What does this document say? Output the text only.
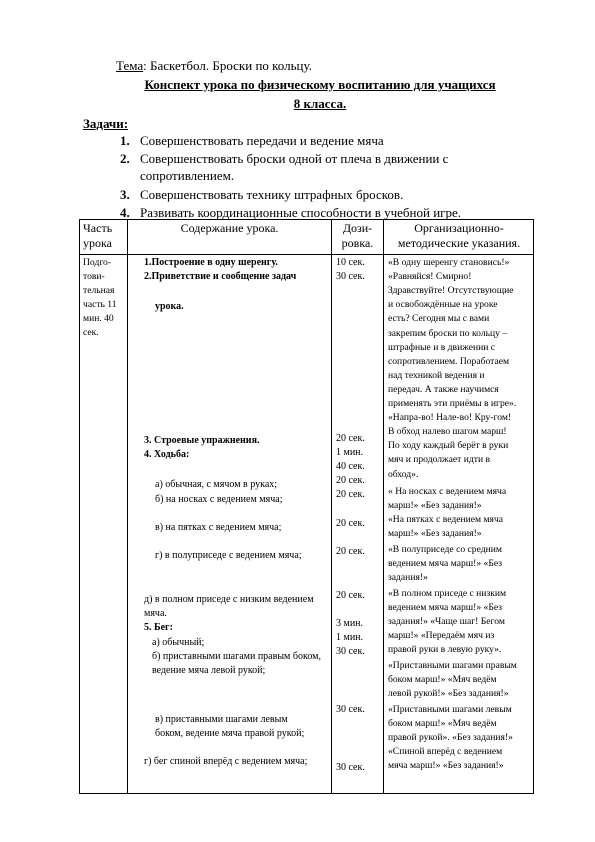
Тема: Баскетбол. Броски по кольцу.
Конспект урока по физическому воспитанию для учащихся
8 класса.
Задачи:
1. Совершенствовать передачи и ведение мяча
2. Совершенствовать броски одной от плеча в движении с сопротивлением.
3. Совершенствовать технику штрафных бросков.
4. Развивать координационные способности в учебной игре.
Часть урока
Содержание урока.	Дози-ровка.
Организационно-методические указания.
Подго-тови-тельная часть 11 мин. 40 сек.
1.Построение в одну шеренгу.
2.Приветствие и сообщение задач
урока.
3. Строевые упражнения.
4. Ходьба:
а) обычная, с мячом в руках;
б) на носках с ведением мяча;
в) на пятках с ведением мяча;
г) в полуприседе с ведением мяча;
д) в полном приседе с низким ведением мяча.
5. Бег:
а) обычный;
б) приставными шагами правым боком, ведение мяча левой рукой;
в) приставными шагами левым боком, ведение мяча правой рукой;
г) бег спиной вперёд с ведением мяча;
10 сек.
30 сек.
20 сек.
1 мин.
40 сек.
20 сек.
20 сек.
20 сек.
20 сек.
20 сек.
3 мин.
1 мин.
30 сек.
30 сек.
30 сек.
«В одну шеренгу становись!»
«Равняйся! Смирно!
Здравствуйте! Отсутствующие
и освобождённые на уроке
есть? Сегодня мы с вами
закрепим броски по кольцу –
штрафные и в движении с
сопротивлением. Поработаем
над техникой ведения и
передач. А также научимся
применять эти приёмы в игре».
«Напра-во! Нале-во! Кру-гом!
В обход налево шагом марш!
По ходу каждый берёт в руки
мяч и продолжает идти в
обход».
« На носках с ведением мяча
марш!» «Без задания!»
«На пятках с ведением мяча
марш!» «Без задания!»
«В полуприседе со средним
ведением мяча марш!» «Без
задания!»
«В полном приседе с низким
ведением мяча марш!» «Без
задания!» «Чаще шаг! Бегом
марш!» «Передаём мяч из
правой руки в левую руку».
«Приставными шагами правым
боком марш!» «Мяч ведём
левой рукой!» «Без задания!»
«Приставными шагами левым
боком марш!» «Мяч ведём
правой рукой». «Без задания!»
«Спиной вперёд с ведением
мяча марш!» «Без задания!»
